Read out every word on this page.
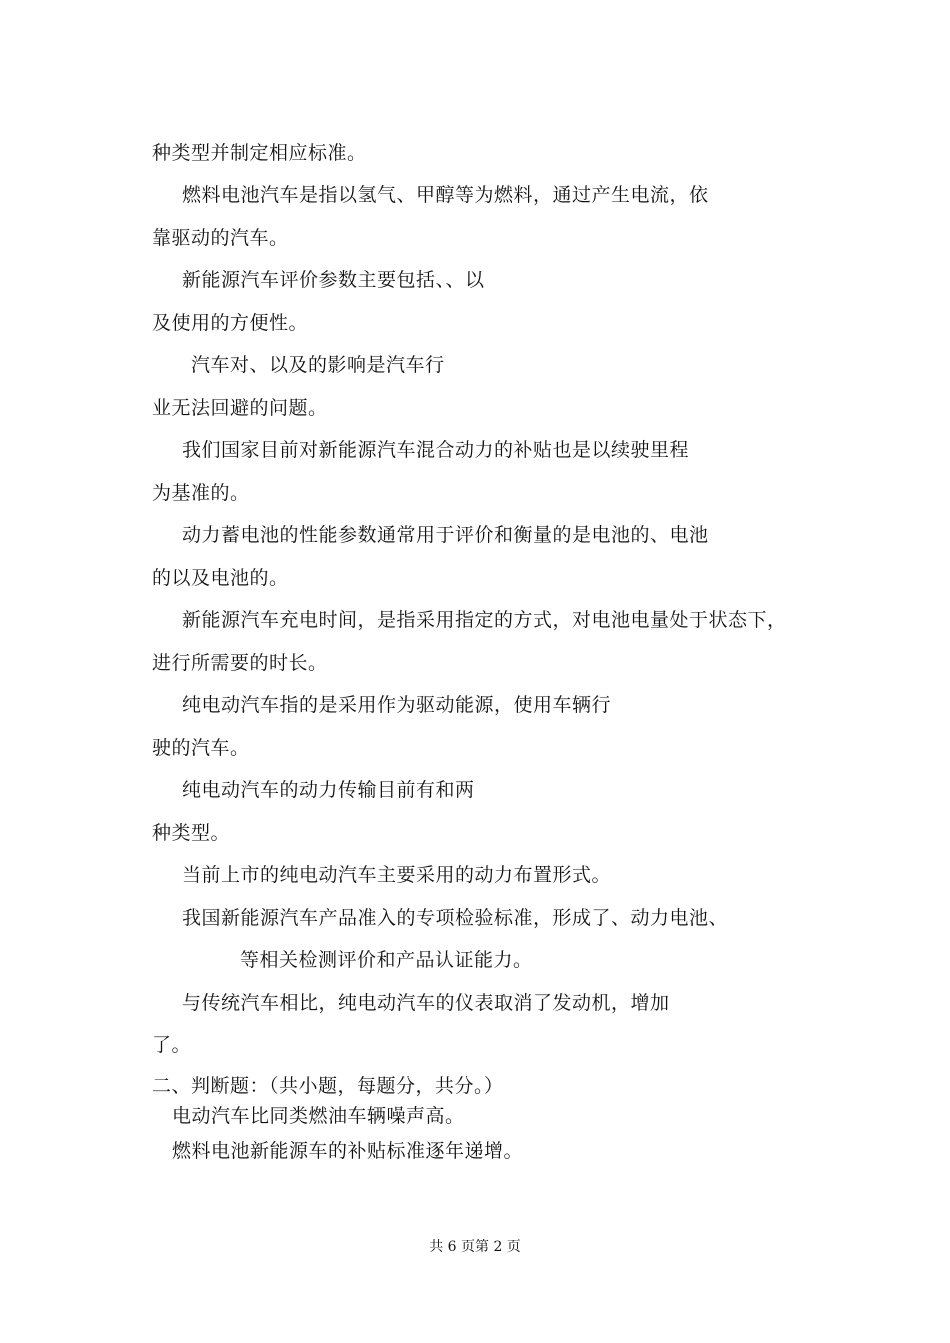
种类型并制定相应标准。
燃料电池汽车是指以氢气、甲醇等为燃料，通过产生电流，依
靠驱动的汽车。
新能源汽车评价参数主要包括、、以
及使用的方便性。
汽车对、以及的影响是汽车行
业无法回避的问题。
我们国家目前对新能源汽车混合动力的补贴也是以续驶里程
为基准的。
动力蓄电池的性能参数通常用于评价和衡量的是电池的、电池
的以及电池的。
新能源汽车充电时间，是指采用指定的方式，对电池电量处于状态下，
进行所需要的时长。
纯电动汽车指的是采用作为驱动能源，使用车辆行
驶的汽车。
纯电动汽车的动力传输目前有和两
种类型。
当前上市的纯电动汽车主要采用的动力布置形式。
我国新能源汽车产品准入的专项检验标准，形成了、动力电池、
等相关检测评价和产品认证能力。
与传统汽车相比，纯电动汽车的仪表取消了发动机，增加
了。
二、判断题：（共小题，每题分，共分。）
电动汽车比同类燃油车辆噪声高。
燃料电池新能源车的补贴标准逐年递增。
共 6 页第 2 页
